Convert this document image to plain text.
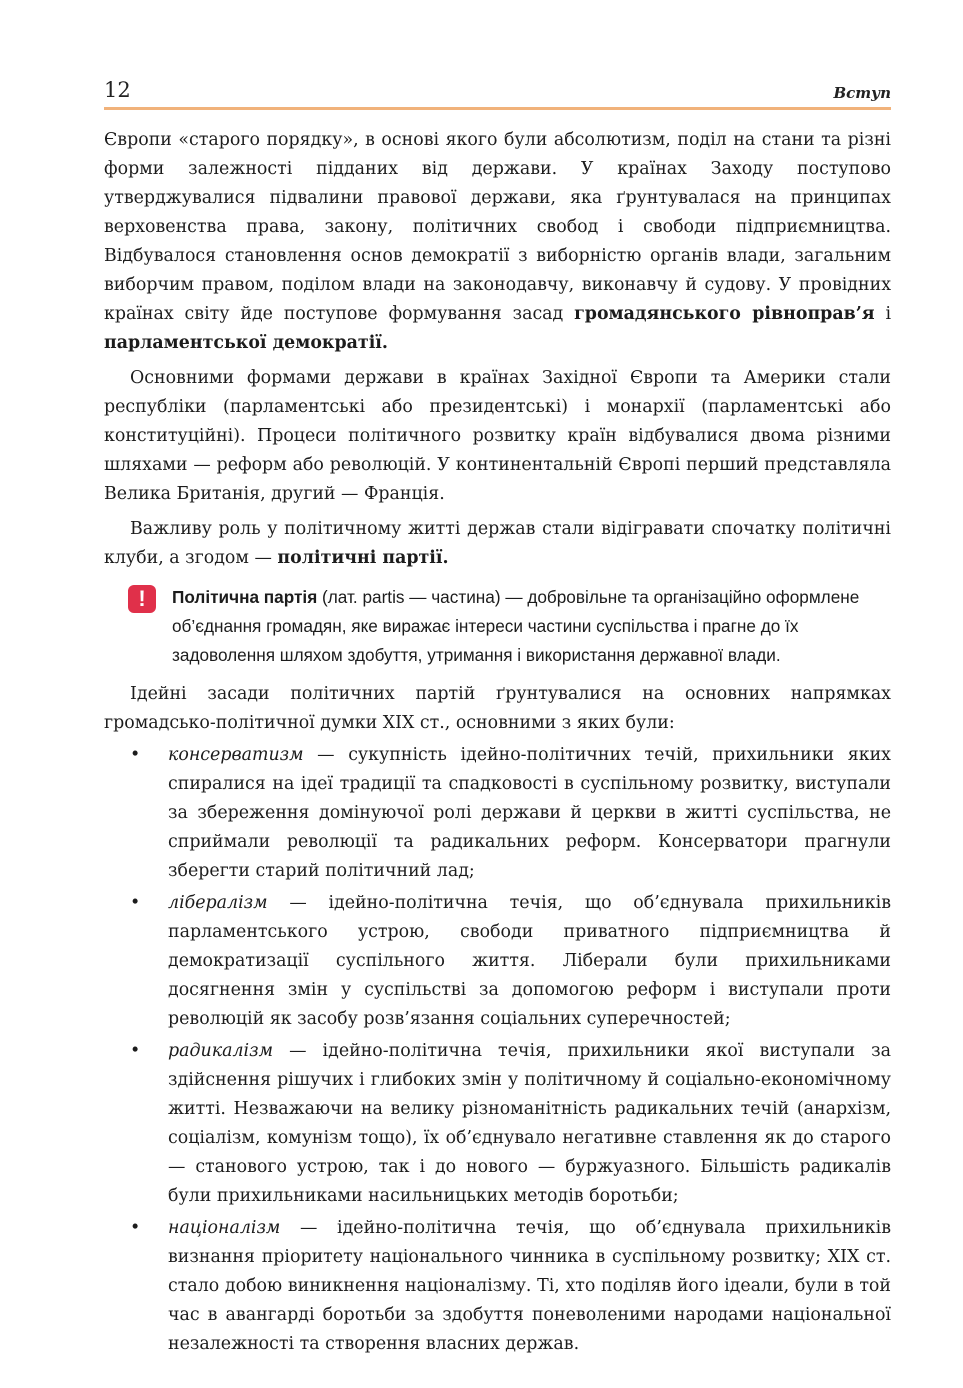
12	Вступ

Європи «старого порядку», в основі якого були абсолютизм, поділ на стани та різні форми залежності підданих від держави. У країнах Заходу поступово утверджувалися підвалини правової держави, яка ґрунтувалася на принципах верховенства права, закону, політичних свобод і свободи підприємництва. Відбувалося становлення основ демократії з виборністю органів влади, загальним виборчим правом, поділом влади на законодавчу, виконавчу й судову. У провідних країнах світу йде поступове формування засад громадянського рівноправ’я і парламентської демократії.

Основними формами держави в країнах Західної Європи та Америки стали республіки (парламентські або президентські) і монархії (парламентські або конституційні). Процеси політичного розвитку країн відбувалися двома різними шляхами — реформ або революцій. У континентальній Європі перший представляла Велика Британія, другий — Франція.

Важливу роль у політичному житті держав стали відігравати спочатку політичні клуби, а згодом — політичні партії.

!	Політична партія (лат. partis — частина) — добровільне та організаційно оформлене об’єднання громадян, яке виражає інтереси частини суспільства і прагне до їх задоволення шляхом здобуття, утримання і використання державної влади.

Ідейні засади політичних партій ґрунтувалися на основних напрямках громадсько-політичної думки XIX ст., основними з яких були:

• консерватизм — сукупність ідейно-політичних течій, прихильники яких спиралися на ідеї традиції та спадковості в суспільному розвитку, виступали за збереження домінуючої ролі держави й церкви в житті суспільства, не сприймали революції та радикальних реформ. Консерватори прагнули зберегти старий політичний лад;
• лібералізм — ідейно-політична течія, що об’єднувала прихильників парламентського устрою, свободи приватного підприємництва й демократизації суспільного життя. Ліберали були прихильниками досягнення змін у суспільстві за допомогою реформ і виступали проти революцій як засобу розв’язання соціальних суперечностей;
• радикалізм — ідейно-політична течія, прихильники якої виступали за здійснення рішучих і глибоких змін у політичному й соціально-економічному житті. Незважаючи на велику різноманітність радикальних течій (анархізм, соціалізм, комунізм тощо), їх об’єднувало негативне ставлення як до старого — станового устрою, так і до нового — буржуазного. Більшість радикалів були прихильниками насильницьких методів боротьби;
• націоналізм — ідейно-політична течія, що об’єднувала прихильників визнання пріоритету національного чинника в суспільному розвитку; XIX ст. стало добою виникнення націоналізму. Ті, хто поділяв його ідеали, були в той час в авангарді боротьби за здобуття поневоленими народами національної незалежності та створення власних держав.
